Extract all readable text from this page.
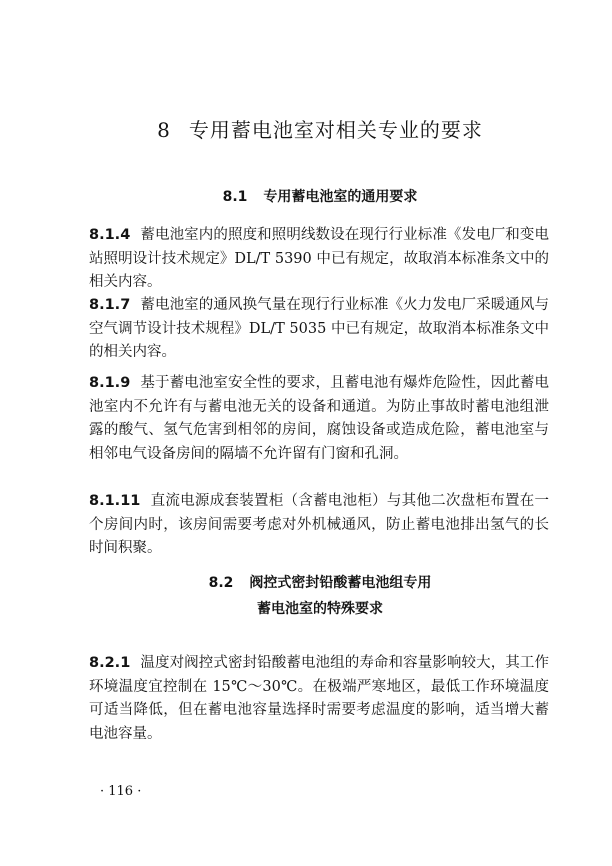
8 专用蓄电池室对相关专业的要求
8.1 专用蓄电池室的通用要求

8.1.4 蓄电池室内的照度和照明线数设在现行行业标准《发电厂和变电站照明设计技术规定》DL/T 5390 中已有规定，故取消本标准条文中的相关内容。

8.1.7 蓄电池室的通风换气量在现行行业标准《火力发电厂采暖通风与空气调节设计技术规程》DL/T 5035 中已有规定，故取消本标准条文中的相关内容。

8.1.9 基于蓄电池室安全性的要求，且蓄电池有爆炸危险性，因此蓄电池室内不允许有与蓄电池无关的设备和通道。为防止事故时蓄电池组泄露的酸气、氢气危害到相邻的房间，腐蚀设备或造成危险，蓄电池室与相邻电气设备房间的隔墙不允许留有门窗和孔洞。

8.1.11 直流电源成套装置柜（含蓄电池柜）与其他二次盘柜布置在一个房间内时，该房间需要考虑对外机械通风，防止蓄电池排出氢气的长时间积聚。

8.2 阀控式密封铅酸蓄电池组专用
蓄电池室的特殊要求

8.2.1 温度对阀控式密封铅酸蓄电池组的寿命和容量影响较大，其工作环境温度宜控制在 15℃～30℃。在极端严寒地区，最低工作环境温度可适当降低，但在蓄电池容量选择时需要考虑温度的影响，适当增大蓄电池容量。

· 116 ·
